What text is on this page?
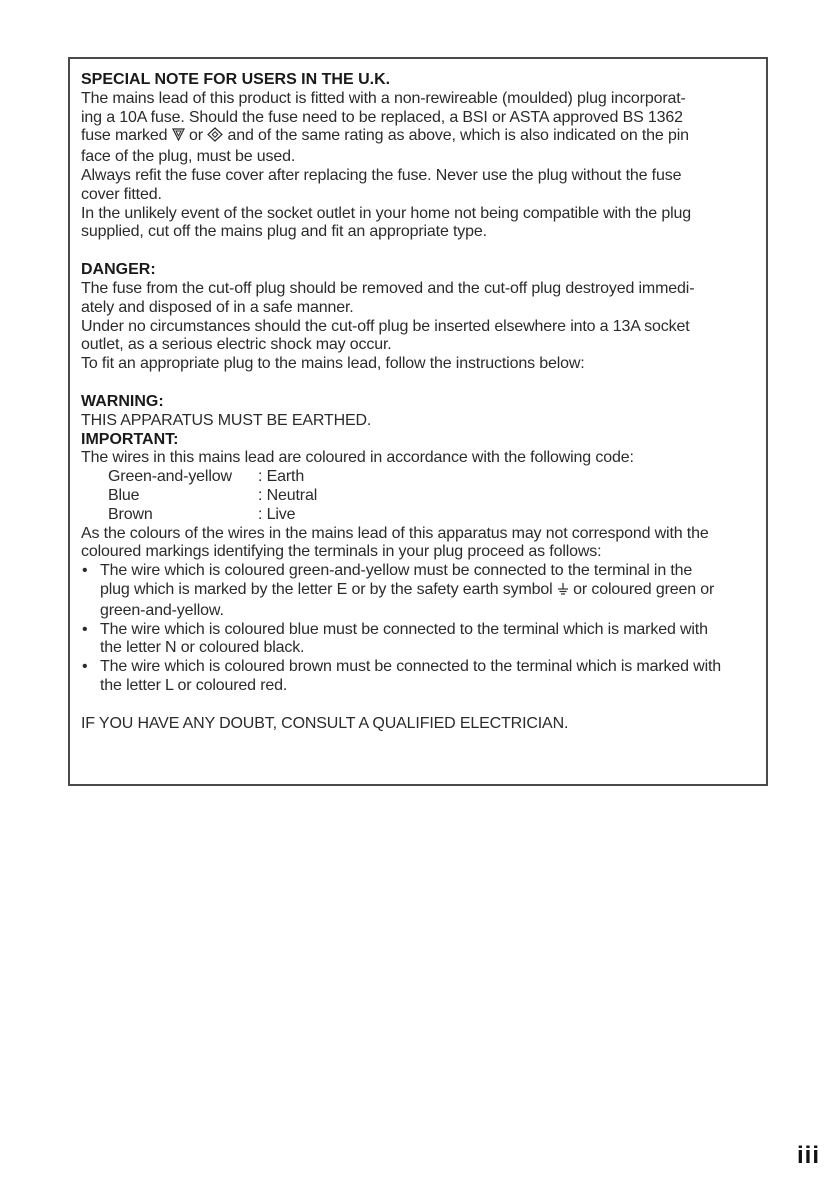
SPECIAL NOTE FOR USERS IN THE U.K.
The mains lead of this product is fitted with a non-rewireable (moulded) plug incorporat-
ing a 10A fuse. Should the fuse need to be replaced, a BSI or ASTA approved BS 1362
fuse marked or and of the same rating as above, which is also indicated on the pin
face of the plug, must be used.
Always refit the fuse cover after replacing the fuse. Never use the plug without the fuse
cover fitted.
In the unlikely event of the socket outlet in your home not being compatible with the plug
supplied, cut off the mains plug and fit an appropriate type.
DANGER:
The fuse from the cut-off plug should be removed and the cut-off plug destroyed immedi-
ately and disposed of in a safe manner.
Under no circumstances should the cut-off plug be inserted elsewhere into a 13A socket
outlet, as a serious electric shock may occur.
To fit an appropriate plug to the mains lead, follow the instructions below:
WARNING:
THIS APPARATUS MUST BE EARTHED.
IMPORTANT:
The wires in this mains lead are coloured in accordance with the following code:
Green-and-yellow	: Earth
Blue	: Neutral
Brown	: Live
As the colours of the wires in the mains lead of this apparatus may not correspond with the
coloured markings identifying the terminals in your plug proceed as follows:
• The wire which is coloured green-and-yellow must be connected to the terminal in the
plug which is marked by the letter E or by the safety earth symbol or coloured green or
green-and-yellow.
• The wire which is coloured blue must be connected to the terminal which is marked with
the letter N or coloured black.
• The wire which is coloured brown must be connected to the terminal which is marked with
the letter L or coloured red.
IF YOU HAVE ANY DOUBT, CONSULT A QUALIFIED ELECTRICIAN.
iii
